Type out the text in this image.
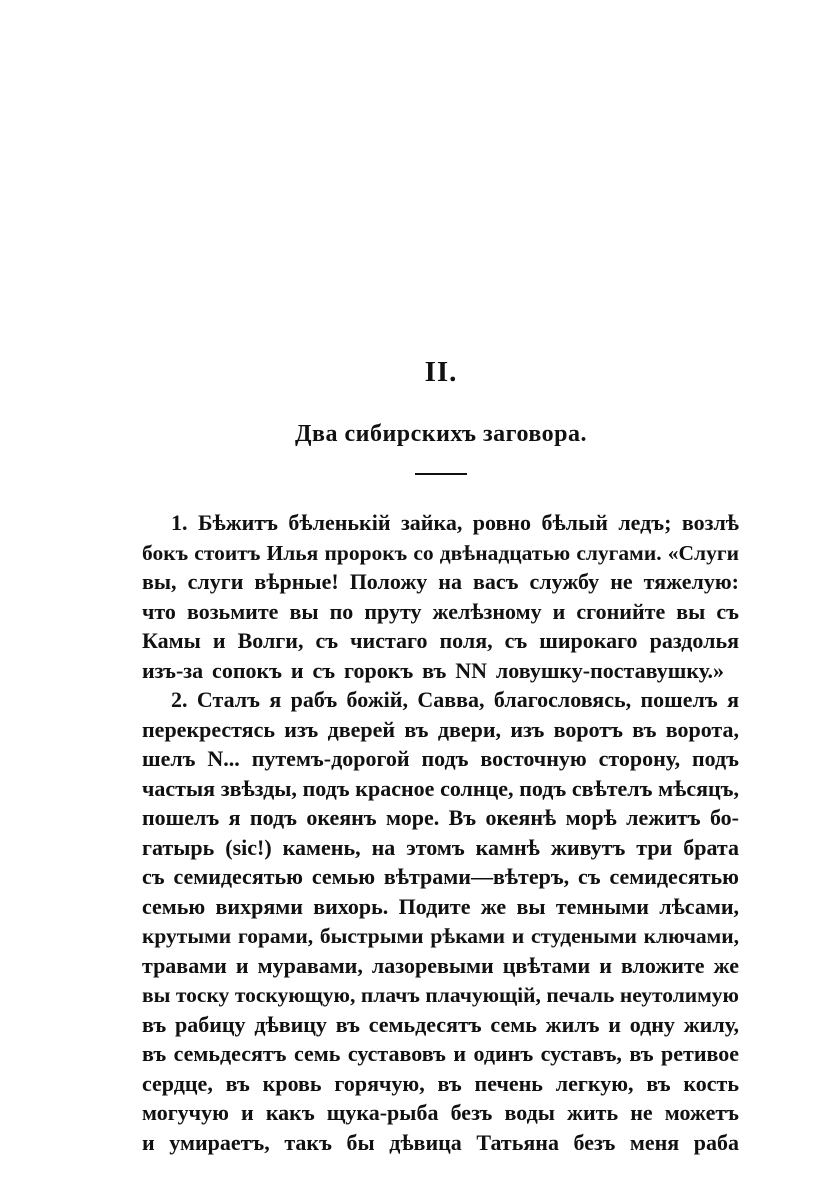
II.
Два сибирскихъ заговора.
1. Бѣжитъ бѣленькій зайка, ровно бѣлый ледъ; возлѣ
бокъ стоитъ Илья пророкъ со двѣнадцатью слугами. «Слуги
вы, слуги вѣрные! Положу на васъ службу не тяжелую:
что возьмите вы по пруту желѣзному и сгонийте вы съ
Камы и Волги, съ чистаго поля, съ широкаго раздолья
изъ-за сопокъ и съ горокъ въ NN ловушку-поставушку.»
2. Сталъ я рабъ божій, Савва, благословясь, пошелъ я
перекрестясь изъ дверей въ двери, изъ воротъ въ ворота,
шелъ N... путемъ-дорогой подъ восточную сторону, подъ
частыя звѣзды, подъ красное солнце, подъ свѣтелъ мѣсяцъ,
пошелъ я подъ океянъ море. Въ океянѣ морѣ лежитъ бо-
гатырь (sic!) камень, на этомъ камнѣ живутъ три брата
съ семидесятью семью вѣтрами—вѣтеръ, съ семидесятью
семью вихрями вихорь. Подите же вы темными лѣсами,
крутыми горами, быстрыми рѣками и студеными ключами,
травами и муравами, лазоревыми цвѣтами и вложите же
вы тоску тоскующую, плачъ плачующій, печаль неутолимую
въ рабицу дѣвицу въ семьдесятъ семь жилъ и одну жилу,
въ семьдесятъ семь суставовъ и одинъ суставъ, въ ретивое
сердце, въ кровь горячую, въ печень легкую, въ кость
могучую и какъ щука-рыба безъ воды жить не можетъ
и умираетъ, такъ бы дѣвица Татьяна безъ меня раба
